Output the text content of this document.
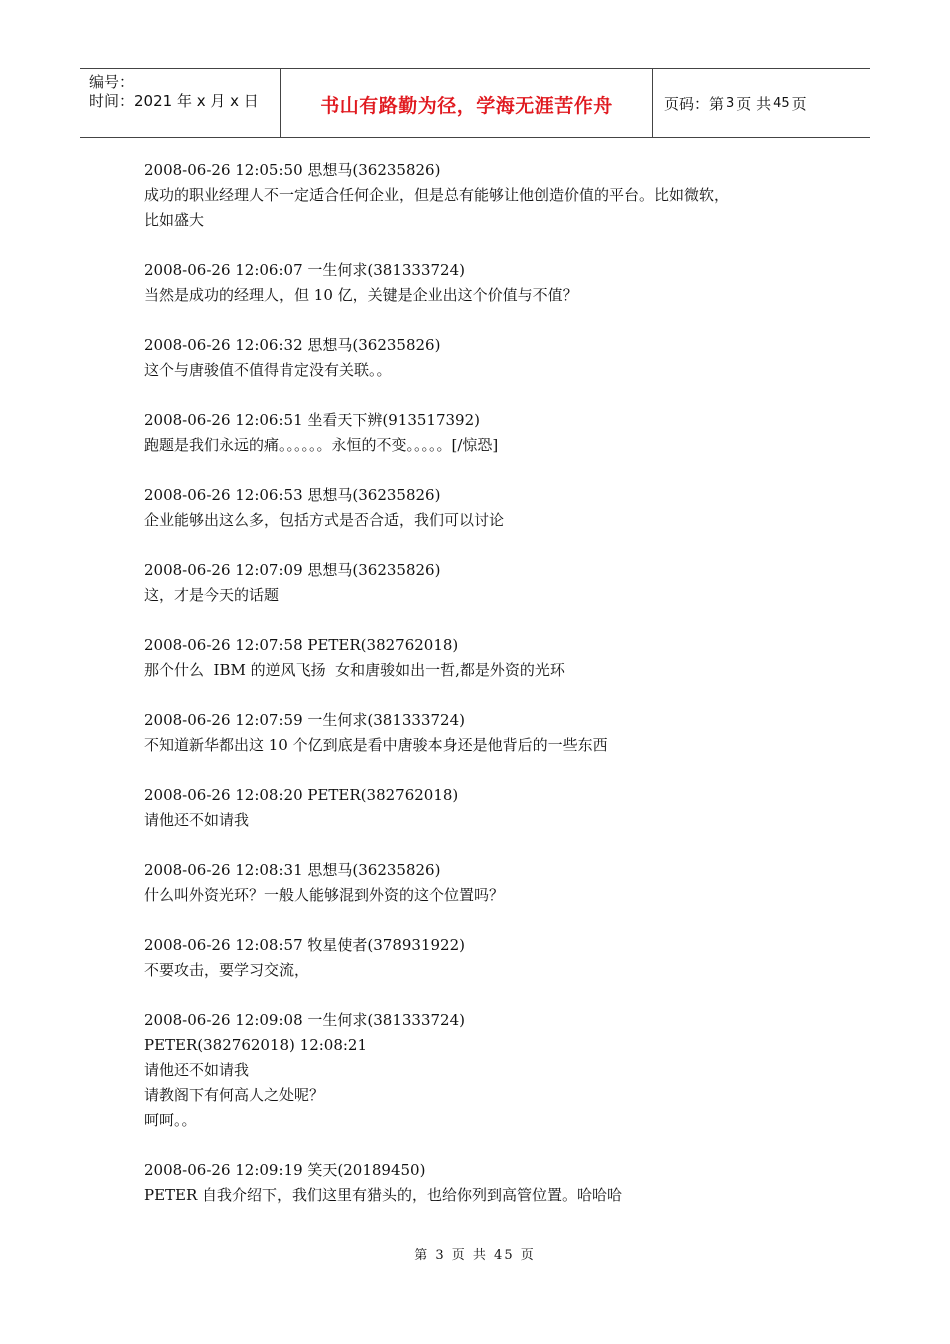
编号：
时间：2021 年 x 月 x 日	书山有路勤为径，学海无涯苦作舟	页码：第 3 页 共 45 页
2008-06-26 12:05:50 思想马(36235826)
成功的职业经理人不一定适合任何企业，但是总有能够让他创造价值的平台。比如微软，
比如盛大
2008-06-26 12:06:07 一生何求(381333724)
当然是成功的经理人，但 10 亿，关键是企业出这个价值与不值？
2008-06-26 12:06:32 思想马(36235826)
这个与唐骏值不值得肯定没有关联。。
2008-06-26 12:06:51 坐看天下辨(913517392)
跑题是我们永远的痛。。。。。。永恒的不变。。。。。[/惊恐]
2008-06-26 12:06:53 思想马(36235826)
企业能够出这么多，包括方式是否合适，我们可以讨论
2008-06-26 12:07:09 思想马(36235826)
这，才是今天的话题
2008-06-26 12:07:58 PETER(382762018)
那个什么  IBM 的逆风飞扬  女和唐骏如出一哲,都是外资的光环
2008-06-26 12:07:59 一生何求(381333724)
不知道新华都出这 10 个亿到底是看中唐骏本身还是他背后的一些东西
2008-06-26 12:08:20 PETER(382762018)
请他还不如请我
2008-06-26 12:08:31 思想马(36235826)
什么叫外资光环？一般人能够混到外资的这个位置吗？
2008-06-26 12:08:57 牧星使者(378931922)
不要攻击，要学习交流，
2008-06-26 12:09:08 一生何求(381333724)
PETER(382762018) 12:08:21
请他还不如请我
请教阁下有何高人之处呢？
呵呵。。
2008-06-26 12:09:19 笑天(20189450)
PETER 自我介绍下，我们这里有猎头的，也给你列到高管位置。哈哈哈
第 3 页 共 45 页
